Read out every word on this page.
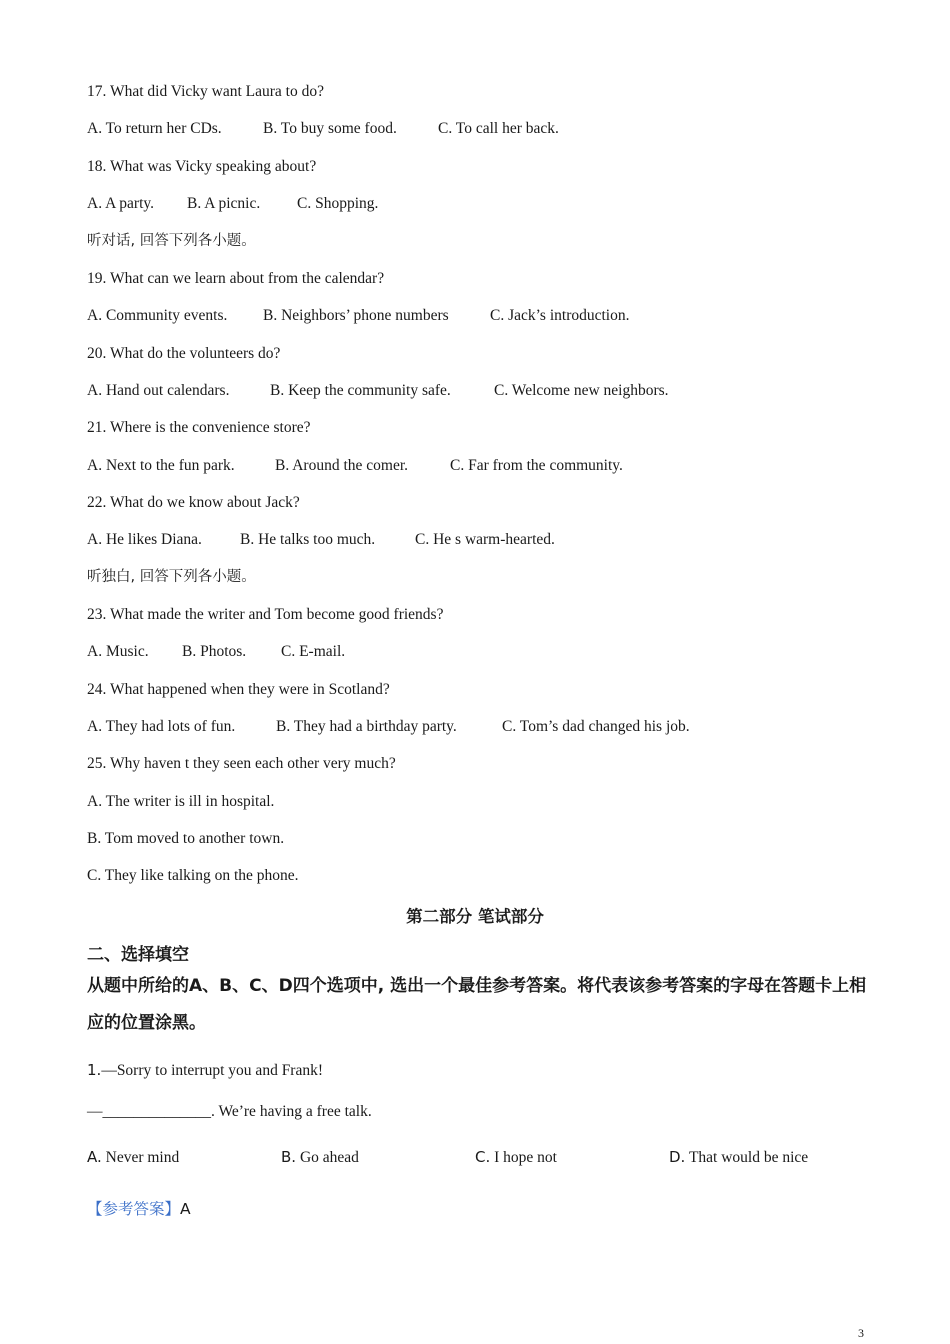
17. What did Vicky want Laura to do?
A. To return her CDs.	B. To buy some food.	C. To call her back.
18. What was Vicky speaking about?
A. A party. B. A picnic. C. Shopping.
听对话, 回答下列各小题。
19. What can we learn about from the calendar?
A. Community events. B. Neighbors’ phone numbers	C. Jack’s introduction.
20. What do the volunteers do?
A. Hand out calendars.	B. Keep the community safe.	C. Welcome new neighbors.
21. Where is the convenience store?
A. Next to the fun park.	B. Around the comer.	C. Far from the community.
22. What do we know about Jack?
A. He likes Diana. B. He talks too much.	C. He s warm-hearted.
听独白, 回答下列各小题。
23. What made the writer and Tom become good friends?
A. Music. B. Photos. C. E-mail.
24. What happened when they were in Scotland?
A. They had lots of fun.	B. They had a birthday party.	C. Tom’s dad changed his job.
25. Why haven t they seen each other very much?
A. The writer is ill in hospital.
B. Tom moved to another town.
C. They like talking on the phone.
第二部分 笔试部分
二、选择填空
从题中所给的A、B、C、D四个选项中, 选出一个最佳参考答案。将代表该参考答案的字母在答题卡上相应的位置涂黑。
1.—Sorry to interrupt you and Frank!
—______________. We’re having a free talk.
A. Never mind	B. Go ahead	C. I hope not	D. That would be nice
【参考答案】A
3
